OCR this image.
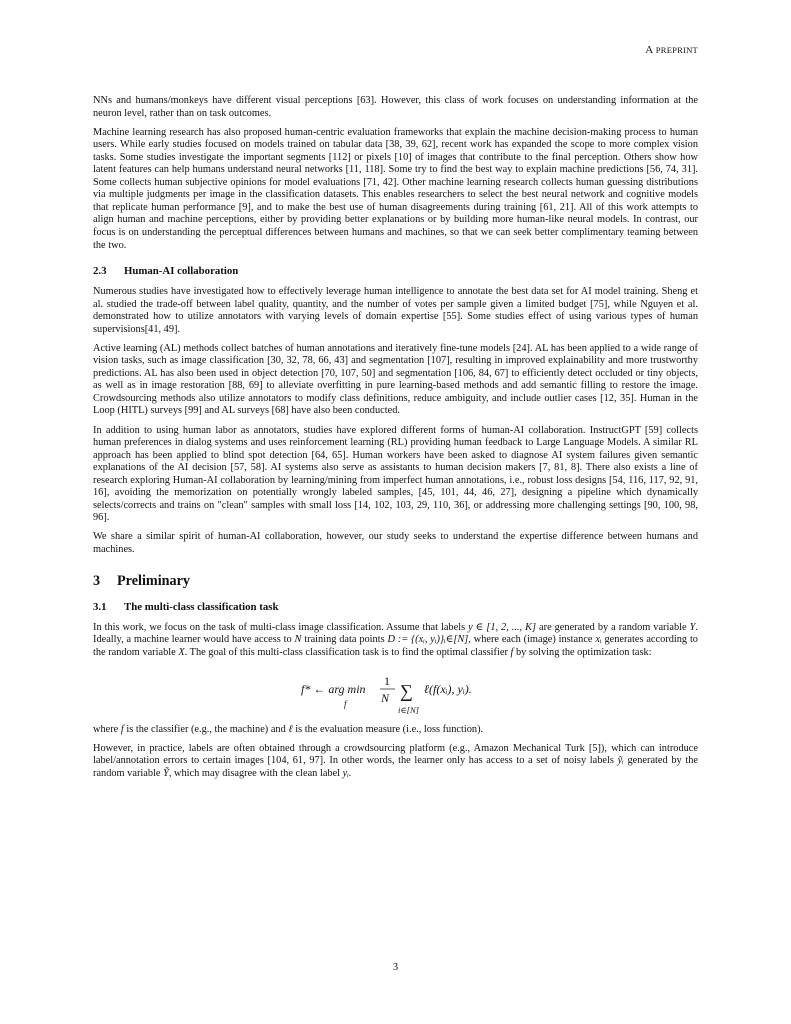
A PREPRINT

NNs and humans/monkeys have different visual perceptions [63]. However, this class of work focuses on understanding information at the neuron level, rather than on task outcomes.

Machine learning research has also proposed human-centric evaluation frameworks that explain the machine decision-making process to human users. While early studies focused on models trained on tabular data [38, 39, 62], recent work has expanded the scope to more complex vision tasks. Some studies investigate the important segments [112] or pixels [10] of images that contribute to the final perception. Others show how latent features can help humans understand neural networks [11, 118]. Some try to find the best way to explain machine predictions [56, 74, 31]. Some collects human subjective opinions for model evaluations [71, 42]. Other machine learning research collects human guessing distributions via multiple judgments per image in the classification datasets. This enables researchers to select the best neural network and cognitive models that replicate human performance [9], and to make the best use of human disagreements during training [61, 21]. All of this work attempts to align human and machine perceptions, either by providing better explanations or by building more human-like neural models. In contrast, our focus is on understanding the perceptual differences between humans and machines, so that we can seek better complimentary teaming between the two.

2.3 Human-AI collaboration

Numerous studies have investigated how to effectively leverage human intelligence to annotate the best data set for AI model training. Sheng et al. studied the trade-off between label quality, quantity, and the number of votes per sample given a limited budget [75], while Nguyen et al. demonstrated how to utilize annotators with varying levels of domain expertise [55]. Some studies effect of using various types of human supervisions[41, 49].

Active learning (AL) methods collect batches of human annotations and iteratively fine-tune models [24]. AL has been applied to a wide range of vision tasks, such as image classification [30, 32, 78, 66, 43] and segmentation [107], resulting in improved explainability and more trustworthy predictions. AL has also been used in object detection [70, 107, 50] and segmentation [106, 84, 67] to efficiently detect occluded or tiny objects, as well as in image restoration [88, 69] to alleviate overfitting in pure learning-based methods and add semantic filling to restore the image. Crowdsourcing methods also utilize annotators to modify class definitions, reduce ambiguity, and include outlier cases [12, 35]. Human in the Loop (HITL) surveys [99] and AL surveys [68] have also been conducted.

In addition to using human labor as annotators, studies have explored different forms of human-AI collaboration. InstructGPT [59] collects human preferences in dialog systems and uses reinforcement learning (RL) providing human feedback to Large Language Models. A similar RL approach has been applied to blind spot detection [64, 65]. Human workers have been asked to diagnose AI system failures given semantic explanations of the AI decision [57, 58]. AI systems also serve as assistants to human decision makers [7, 81, 8]. There also exists a line of research exploring Human-AI collaboration by learning/mining from imperfect human annotations, i.e., robust loss designs [54, 116, 117, 92, 91, 16], avoiding the memorization on potentially wrongly labeled samples, [45, 101, 44, 46, 27], designing a pipeline which dynamically selects/corrects and trains on "clean" samples with small loss [14, 102, 103, 29, 110, 36], or addressing more challenging settings [90, 100, 98, 96].

We share a similar spirit of human-AI collaboration, however, our study seeks to understand the expertise difference between humans and machines.

3 Preliminary
3.1 The multi-class classification task

In this work, we focus on the task of multi-class image classification. Assume that labels y ∈ [1, 2, ..., K] are generated by a random variable Y. Ideally, a machine learner would have access to N training data points D := {(xᵢ, yᵢ)}ᵢ∈[N], where each (image) instance xᵢ generates according to the random variable X. The goal of this multi-class classification task is to find the optimal classifier f by solving the optimization task:

f* ← arg min
f
1
N ∑
i∈[N]
ℓ(f(xᵢ), yᵢ).

where f is the classifier (e.g., the machine) and ℓ is the evaluation measure (i.e., loss function).

However, in practice, labels are often obtained through a crowdsourcing platform (e.g., Amazon Mechanical Turk [5]), which can introduce label/annotation errors to certain images [104, 61, 97]. In other words, the learner only has access to a set of noisy labels ỹᵢ generated by the random variable Ỹ, which may disagree with the clean label yᵢ.

3
